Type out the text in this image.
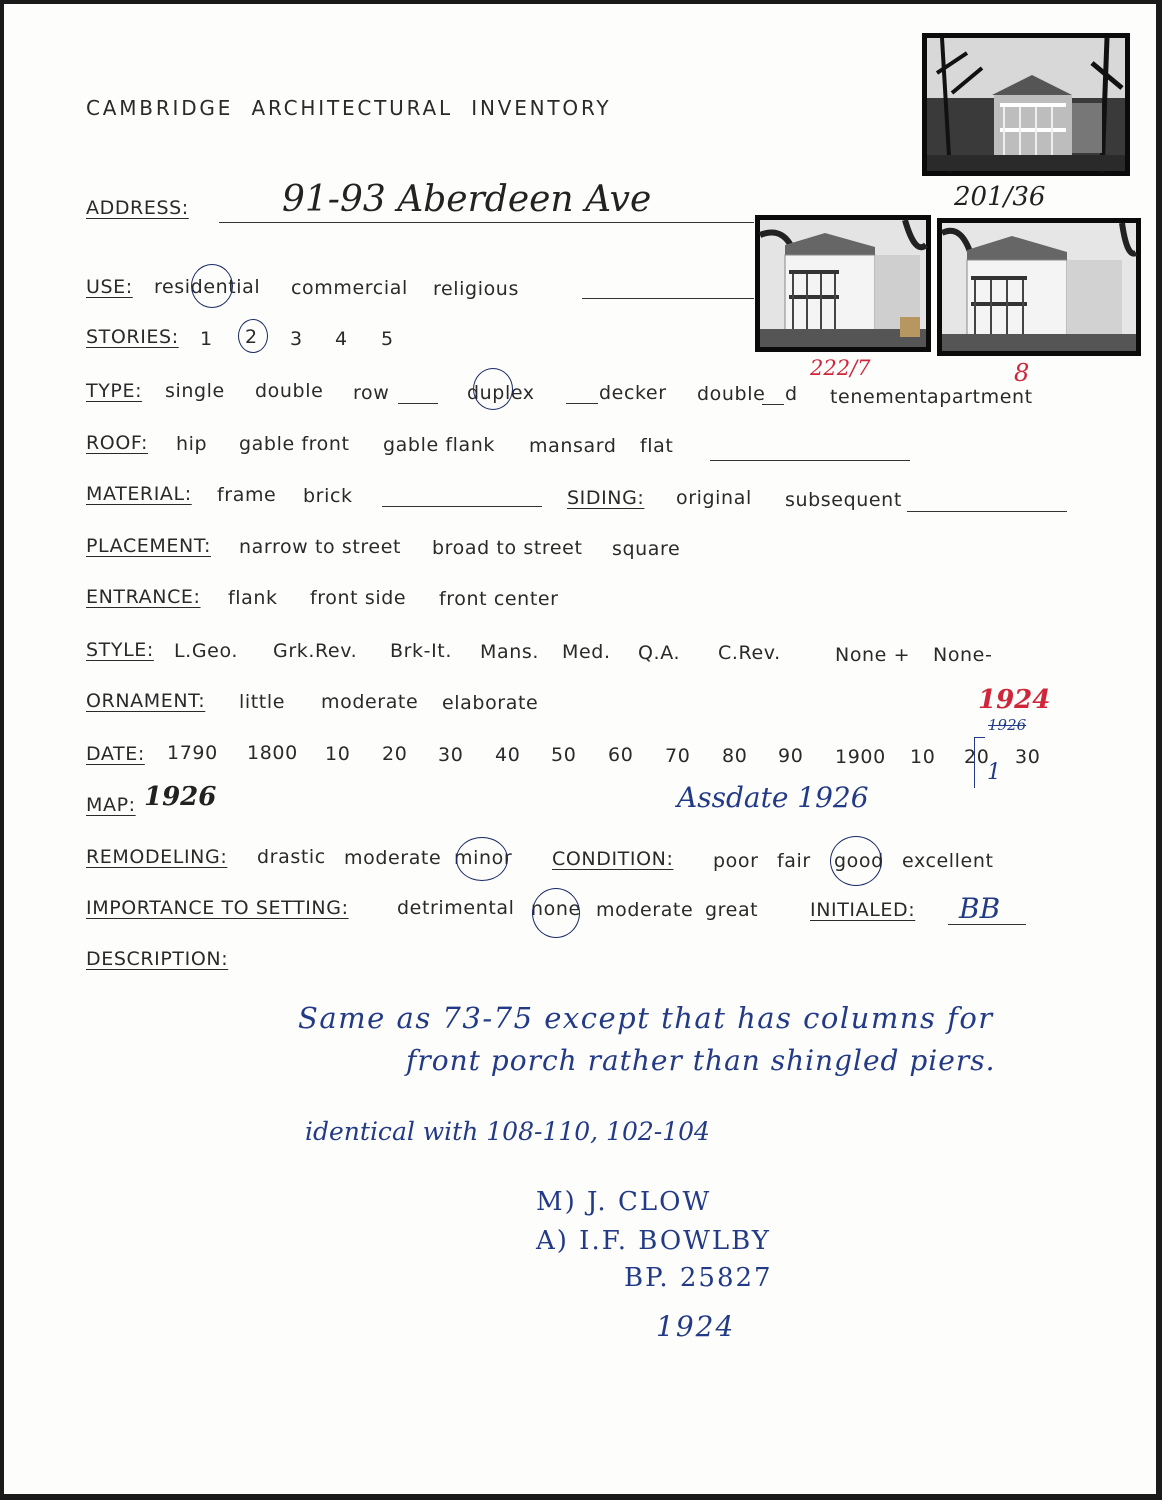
CAMBRIDGE  ARCHITECTURAL  INVENTORY
201/36
222/7	8
ADDRESS:	91-93 Aberdeen Ave
USE: residential commercial religious
STORIES: 1 2 3 4 5
TYPE: single double row	duplex	decker double d tenement apartment
ROOF: hip gable front gable flank mansard flat
MATERIAL: frame brick	SIDING: original subsequent
PLACEMENT: narrow to street broad to street square
ENTRANCE: flank front side front center
STYLE: L.Geo. Grk.Rev. Brk-It. Mans. Med. Q.A. C.Rev.	None + None-
ORNAMENT: little moderate elaborate
DATE: 1790 1800 10 20 30 40 50 60 70 80 90 1900 10 20 30
1924
1926
1
MAP: 1926	Assdate 1926
REMODELING: drastic moderate minor CONDITION: poor fair good excellent
IMPORTANCE TO SETTING:	detrimental none moderate great	INITIALED: BB
DESCRIPTION:
Same as 73-75 except that has columns for
front porch rather than shingled piers.
identical with 108-110, 102-104
M) J. CLOW
A) I.F. BOWLBY
BP. 25827
1924
